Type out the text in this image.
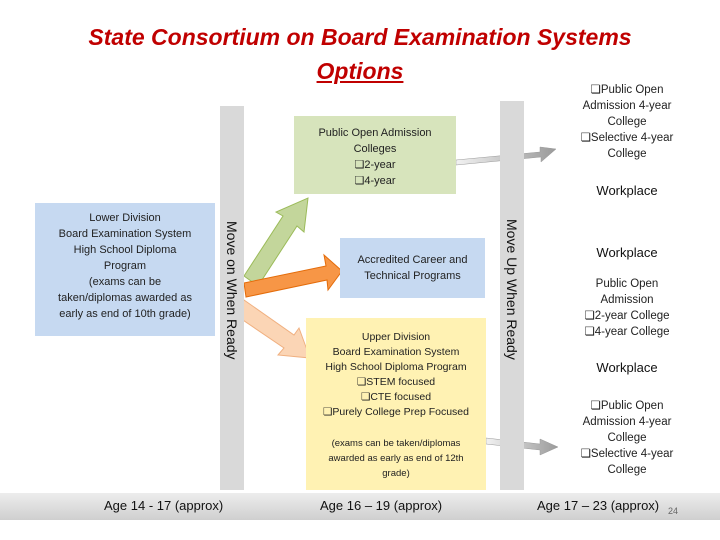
State Consortium on Board Examination Systems
Options
Public Open Admission
Colleges
❏2-year
❏4-year
Accredited Career and
Technical Programs
Upper Division
Board Examination System
High School Diploma Program
❏STEM focused
❏CTE focused
❏Purely College Prep Focused
(exams can be taken/diplomas
awarded as early as end of 12th
grade)
Lower Division
Board Examination System
High School Diploma
Program
(exams can be
taken/diplomas awarded as
early as end of 10th grade)	Move on When Ready	Move Up When Ready
❏Public Open
Admission 4-year
College
❏Selective 4-year
College
Workplace
Workplace
Public Open
Admission
❏2-year College
❏4-year College
Workplace
❏Public Open
Admission 4-year
College
❏Selective 4-year
College
Age 14 - 17 (approx)	Age 16 – 19 (approx)	Age 17 – 23 (approx) 24
